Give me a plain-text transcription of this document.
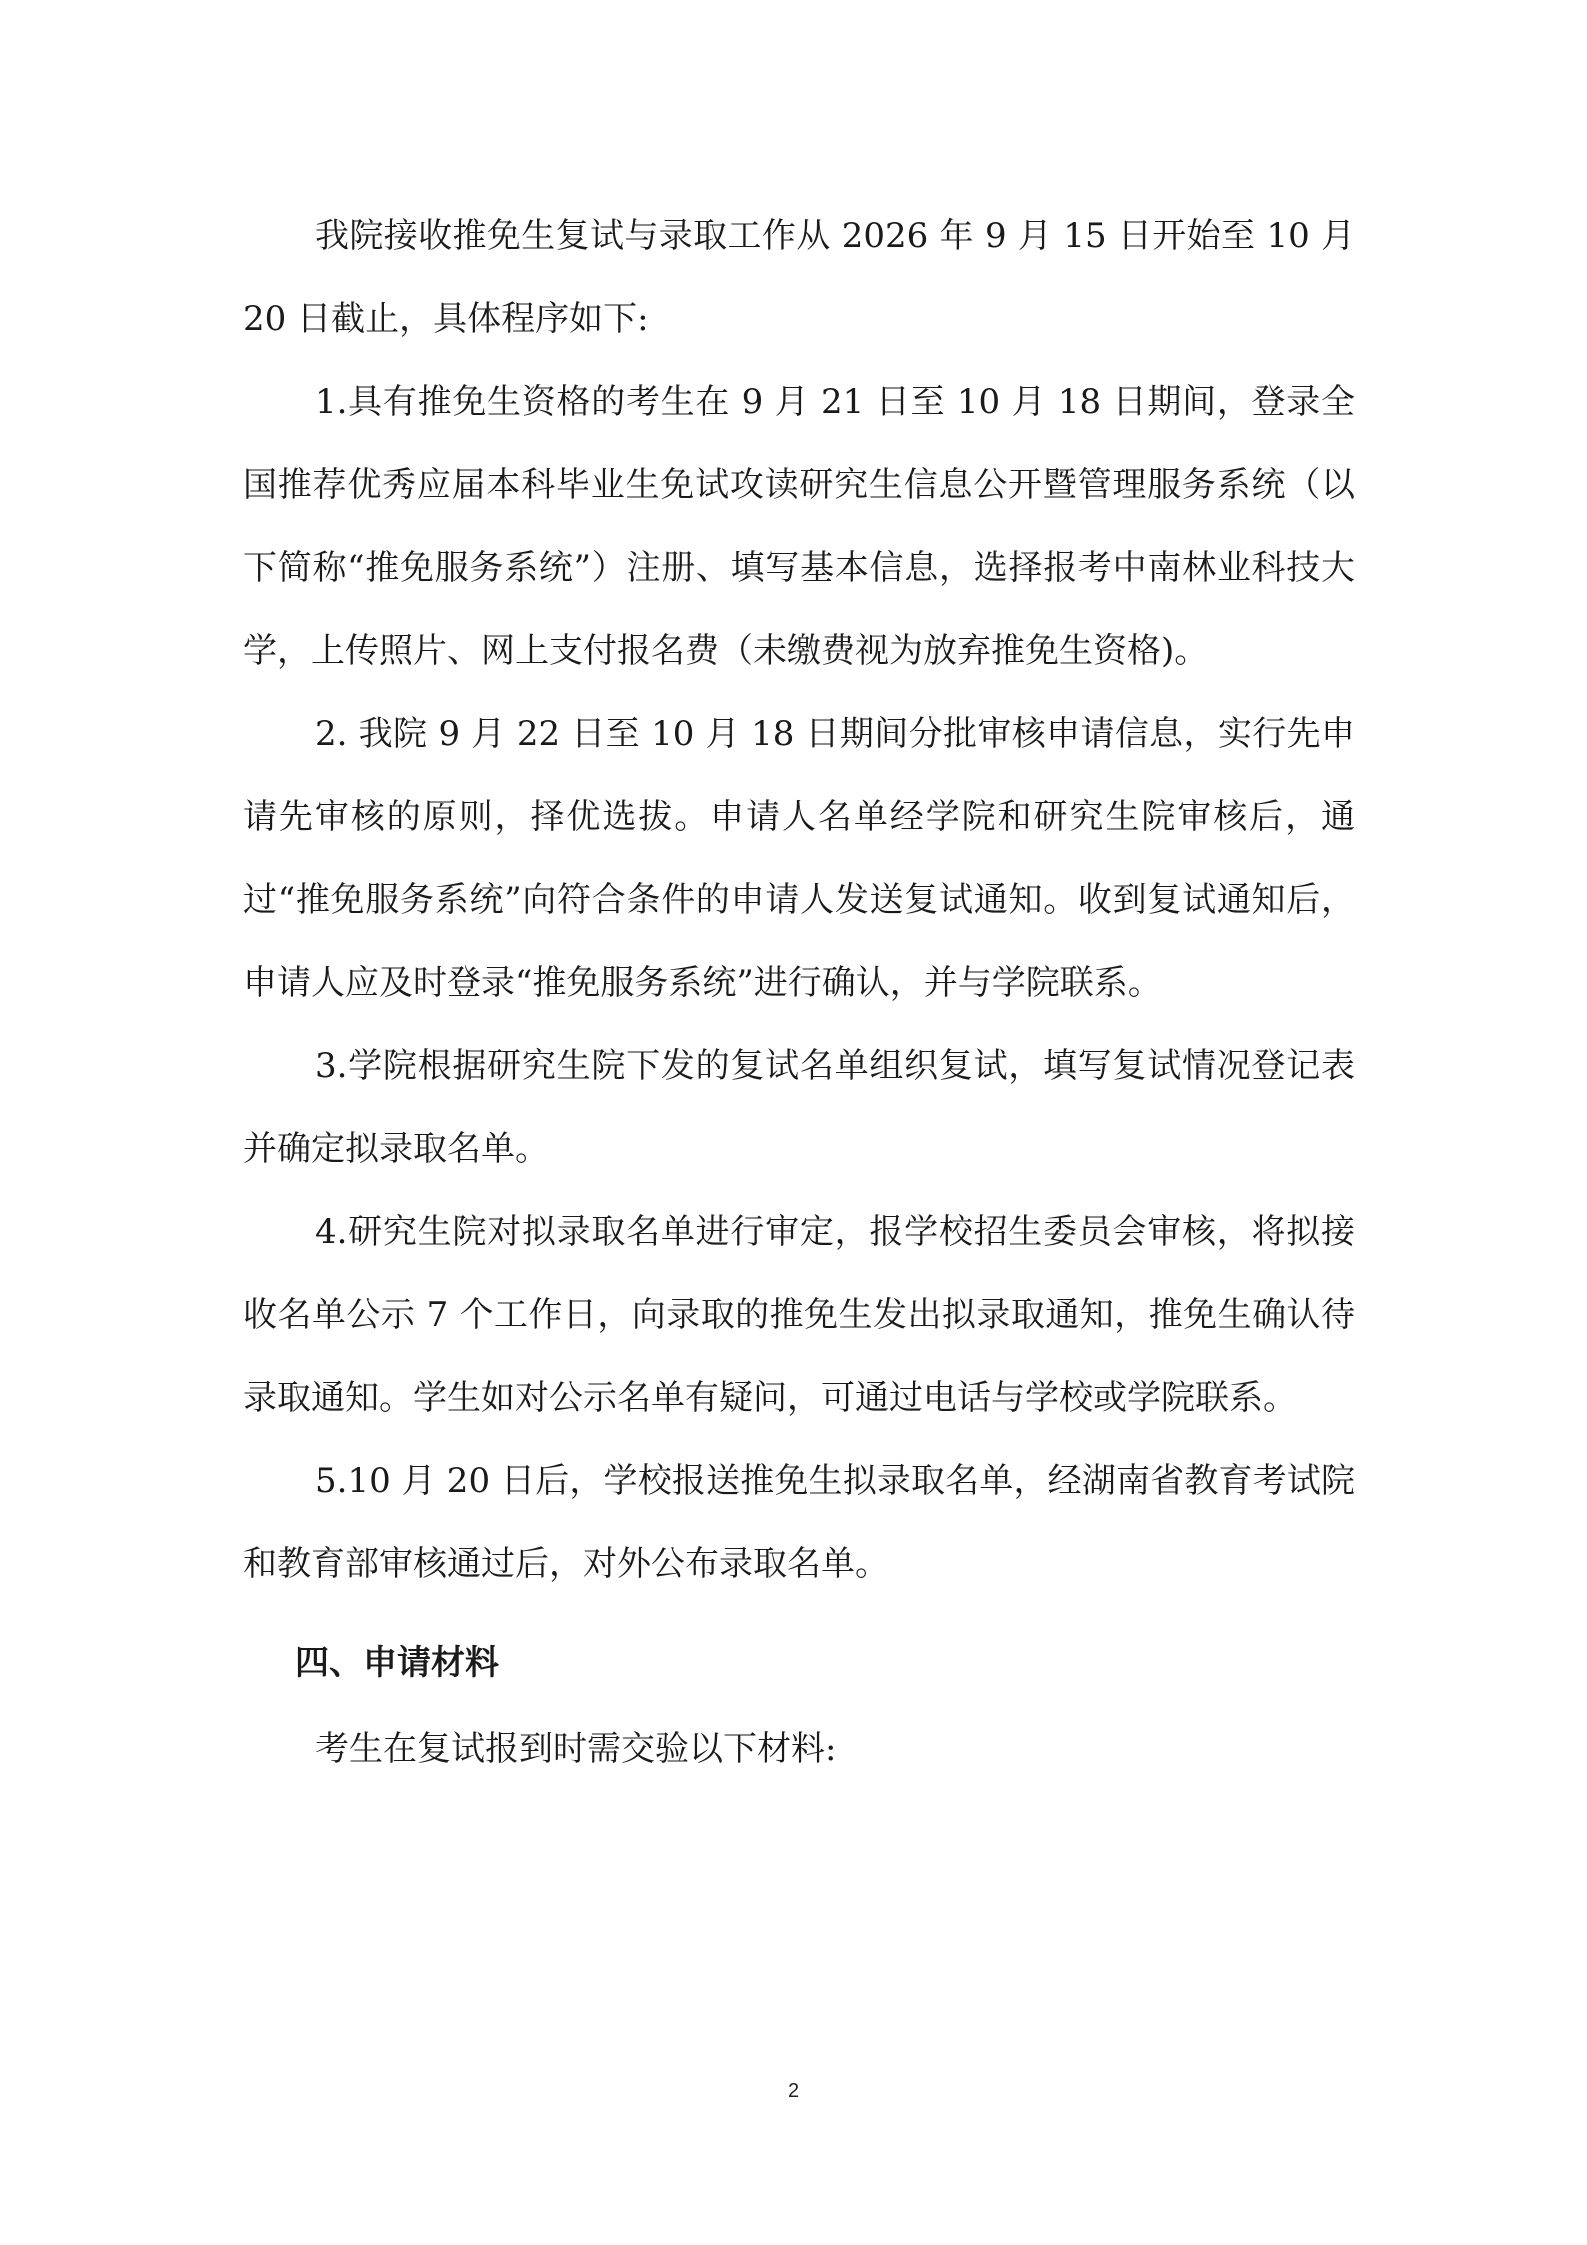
我院接收推免生复试与录取工作从 2026 年 9 月 15 日开始至 10 月 20 日截止，具体程序如下:

1.具有推免生资格的考生在 9 月 21 日至 10 月 18 日期间，登录全国推荐优秀应届本科毕业生免试攻读研究生信息公开暨管理服务系统（以下简称“推免服务系统”）注册、填写基本信息，选择报考中南林业科技大学，上传照片、网上支付报名费（未缴费视为放弃推免生资格)。

2. 我院 9 月 22 日至 10 月 18 日期间分批审核申请信息，实行先申请先审核的原则，择优选拔。申请人名单经学院和研究生院审核后，通过“推免服务系统”向符合条件的申请人发送复试通知。收到复试通知后，申请人应及时登录“推免服务系统”进行确认，并与学院联系。

3.学院根据研究生院下发的复试名单组织复试，填写复试情况登记表并确定拟录取名单。

4.研究生院对拟录取名单进行审定，报学校招生委员会审核，将拟接收名单公示 7 个工作日，向录取的推免生发出拟录取通知，推免生确认待录取通知。学生如对公示名单有疑问，可通过电话与学校或学院联系。

5.10 月 20 日后，学校报送推免生拟录取名单，经湖南省教育考试院和教育部审核通过后，对外公布录取名单。

四、申请材料

考生在复试报到时需交验以下材料:

2
